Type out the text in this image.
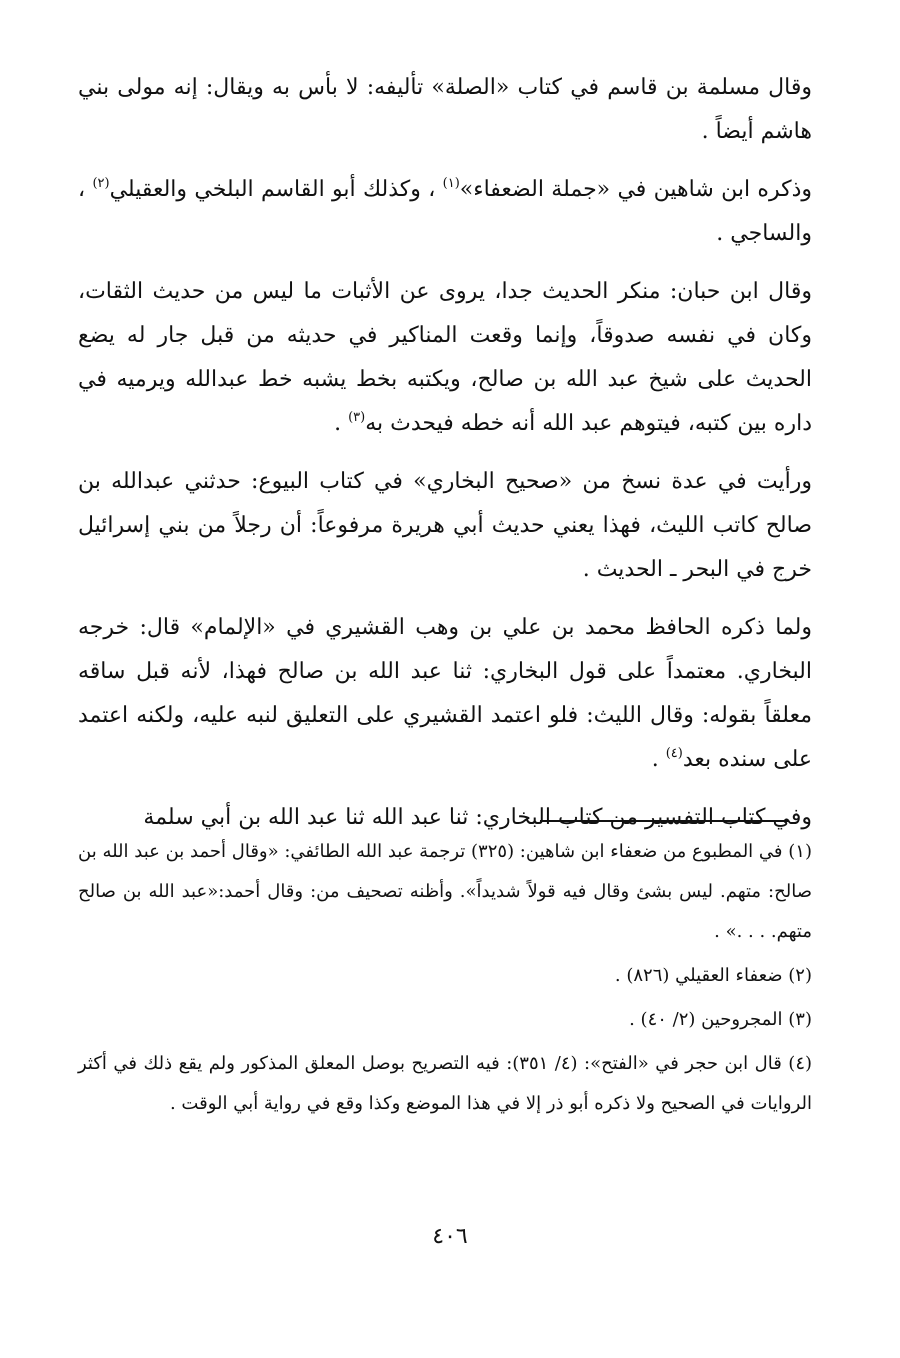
وقال مسلمة بن قاسم في كتاب «الصلة» تأليفه: لا بأس به ويقال: إنه مولى بني هاشم أيضاً .

وذكره ابن شاهين في «جملة الضعفاء»$^{(١)}$ ، وكذلك أبو القاسم البلخي والعقيلي$^{(٢)}$ ، والساجي .

وقال ابن حبان: منكر الحديث جدا، يروى عن الأثبات ما ليس من حديث الثقات، وكان في نفسه صدوقاً، وإنما وقعت المناكير في حديثه من قبل جار له يضع الحديث على شيخ عبد الله بن صالح، ويكتبه بخط يشبه خط عبدالله ويرميه في داره بين كتبه، فيتوهم عبد الله أنه خطه فيحدث به$^{(٣)}$ .

ورأيت في عدة نسخ من «صحيح البخاري» في كتاب البيوع: حدثني عبدالله بن صالح كاتب الليث، فهذا يعني حديث أبي هريرة مرفوعاً: أن رجلاً من بني إسرائيل خرج في البحر ـ الحديث .

ولما ذكره الحافظ محمد بن علي بن وهب القشيري في «الإلمام» قال: خرجه البخاري. معتمداً على قول البخاري: ثنا عبد الله بن صالح فهذا، لأنه قبل ساقه معلقاً بقوله: وقال الليث: فلو اعتمد القشيري على التعليق لنبه عليه، ولكنه اعتمد على سنده بعد$^{(٤)}$ .

وفي كتاب التفسير من كتاب البخاري: ثنا عبد الله ثنا عبد الله بن أبي سلمة

(١) في المطبوع من ضعفاء ابن شاهين: (٣٢٥) ترجمة عبد الله الطائفي: «وقال أحمد بن عبد الله بن صالح: متهم. ليس بشئ وقال فيه قولاً شديداً». وأظنه تصحيف من: وقال أحمد:«عبد الله بن صالح متهم. . . .» .

(٢) ضعفاء العقيلي (٨٢٦) .

(٣) المجروحين (٢/ ٤٠) .

(٤) قال ابن حجر في «الفتح»: (٤/ ٣٥١): فيه التصريح بوصل المعلق المذكور ولم يقع ذلك في أكثر الروايات في الصحيح ولا ذكره أبو ذر إلا في هذا الموضع وكذا وقع في رواية أبي الوقت .

٤٠٦
